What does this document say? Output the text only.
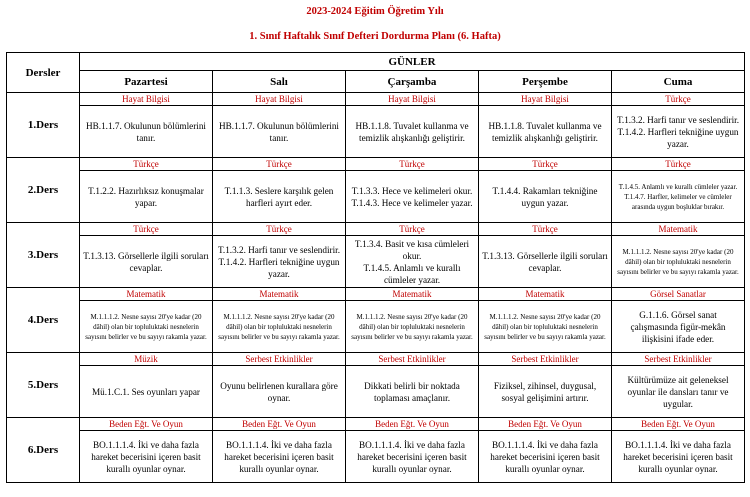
2023-2024 Eğitim Öğretim Yılı
1. Sınıf Haftalık Sınıf Defteri Dordurma Planı (6. Hafta)
Dersler	GÜNLER				
	Pazartesi	Salı	Çarşamba	Perşembe	Cuma
1.Ders	Hayat Bilgisi	Hayat Bilgisi	Hayat Bilgisi	Hayat Bilgisi	Türkçe

	HB.1.1.7. Okulunun bölümlerini tanır.	HB.1.1.7. Okulunun bölümlerini tanır.	HB.1.1.8. Tuvalet kullanma ve temizlik alışkanlığı geliştirir.	HB.1.1.8. Tuvalet kullanma ve temizlik alışkanlığı geliştirir.	T.1.3.2. Harfi tanır ve seslendirir.
T.1.4.2. Harfleri tekniğine uygun yazar.

2.Ders	Türkçe	Türkçe	Türkçe	Türkçe	Türkçe

	T.1.2.2. Hazırlıksız konuşmalar yapar.	T.1.1.3. Seslere karşılık gelen harfleri ayırt eder.	T.1.3.3. Hece ve kelimeleri okur.
T.1.4.3. Hece ve kelimeler yazar.	T.1.4.4. Rakamları tekniğine uygun yazar.	T.1.4.5. Anlamlı ve kurallı cümleler yazar.
T.1.4.7. Harfler, kelimeler ve cümleler arasında uygun boşluklar bırakır.

3.Ders	Türkçe	Türkçe	Türkçe	Türkçe	Matematik

	T.1.3.13. Görsellerle ilgili soruları cevaplar.	T.1.3.2. Harfi tanır ve seslendirir.
T.1.4.2. Harfleri tekniğine uygun yazar.	T.1.3.4. Basit ve kısa cümleleri okur.
T.1.4.5. Anlamlı ve kurallı cümleler yazar.	T.1.3.13. Görsellerle ilgili soruları cevaplar.	M.1.1.1.2. Nesne sayısı 20'ye kadar (20 dâhil) olan bir topluluktaki nesnelerin sayısını belirler ve bu sayıyı rakamla yazar.

4.Ders	Matematik	Matematik	Matematik	Matematik	Görsel Sanatlar

	M.1.1.1.2. Nesne sayısı 20'ye kadar (20 dâhil) olan bir topluluktaki nesnelerin sayısını belirler ve bu sayıyı rakamla yazar.	M.1.1.1.2. Nesne sayısı 20'ye kadar (20 dâhil) olan bir topluluktaki nesnelerin sayısını belirler ve bu sayıyı rakamla yazar.	M.1.1.1.2. Nesne sayısı 20'ye kadar (20 dâhil) olan bir topluluktaki nesnelerin sayısını belirler ve bu sayıyı rakamla yazar.	M.1.1.1.2. Nesne sayısı 20'ye kadar (20 dâhil) olan bir topluluktaki nesnelerin sayısını belirler ve bu sayıyı rakamla yazar.	G.1.1.6. Görsel sanat çalışmasında figür-mekân ilişkisini ifade eder.

5.Ders	Müzik	Serbest Etkinlikler	Serbest Etkinlikler	Serbest Etkinlikler	Serbest Etkinlikler

	Mü.1.C.1. Ses oyunları yapar	Oyunu belirlenen kurallara göre oynar.	Dikkati belirli bir noktada toplaması amaçlanır.	Fiziksel, zihinsel, duygusal, sosyal gelişimini artırır.	Kültürümüze ait geleneksel oyunlar ile dansları tanır ve uygular.

6.Ders	Beden Eğt. Ve Oyun	Beden Eğt. Ve Oyun	Beden Eğt. Ve Oyun	Beden Eğt. Ve Oyun	Beden Eğt. Ve Oyun

	BO.1.1.1.4. İki ve daha fazla hareket becerisini içeren basit kurallı oyunlar oynar.	BO.1.1.1.4. İki ve daha fazla hareket becerisini içeren basit kurallı oyunlar oynar.	BO.1.1.1.4. İki ve daha fazla hareket becerisini içeren basit kurallı oyunlar oynar.	BO.1.1.1.4. İki ve daha fazla hareket becerisini içeren basit kurallı oyunlar oynar.	BO.1.1.1.4. İki ve daha fazla hareket becerisini içeren basit kurallı oyunlar oynar.
